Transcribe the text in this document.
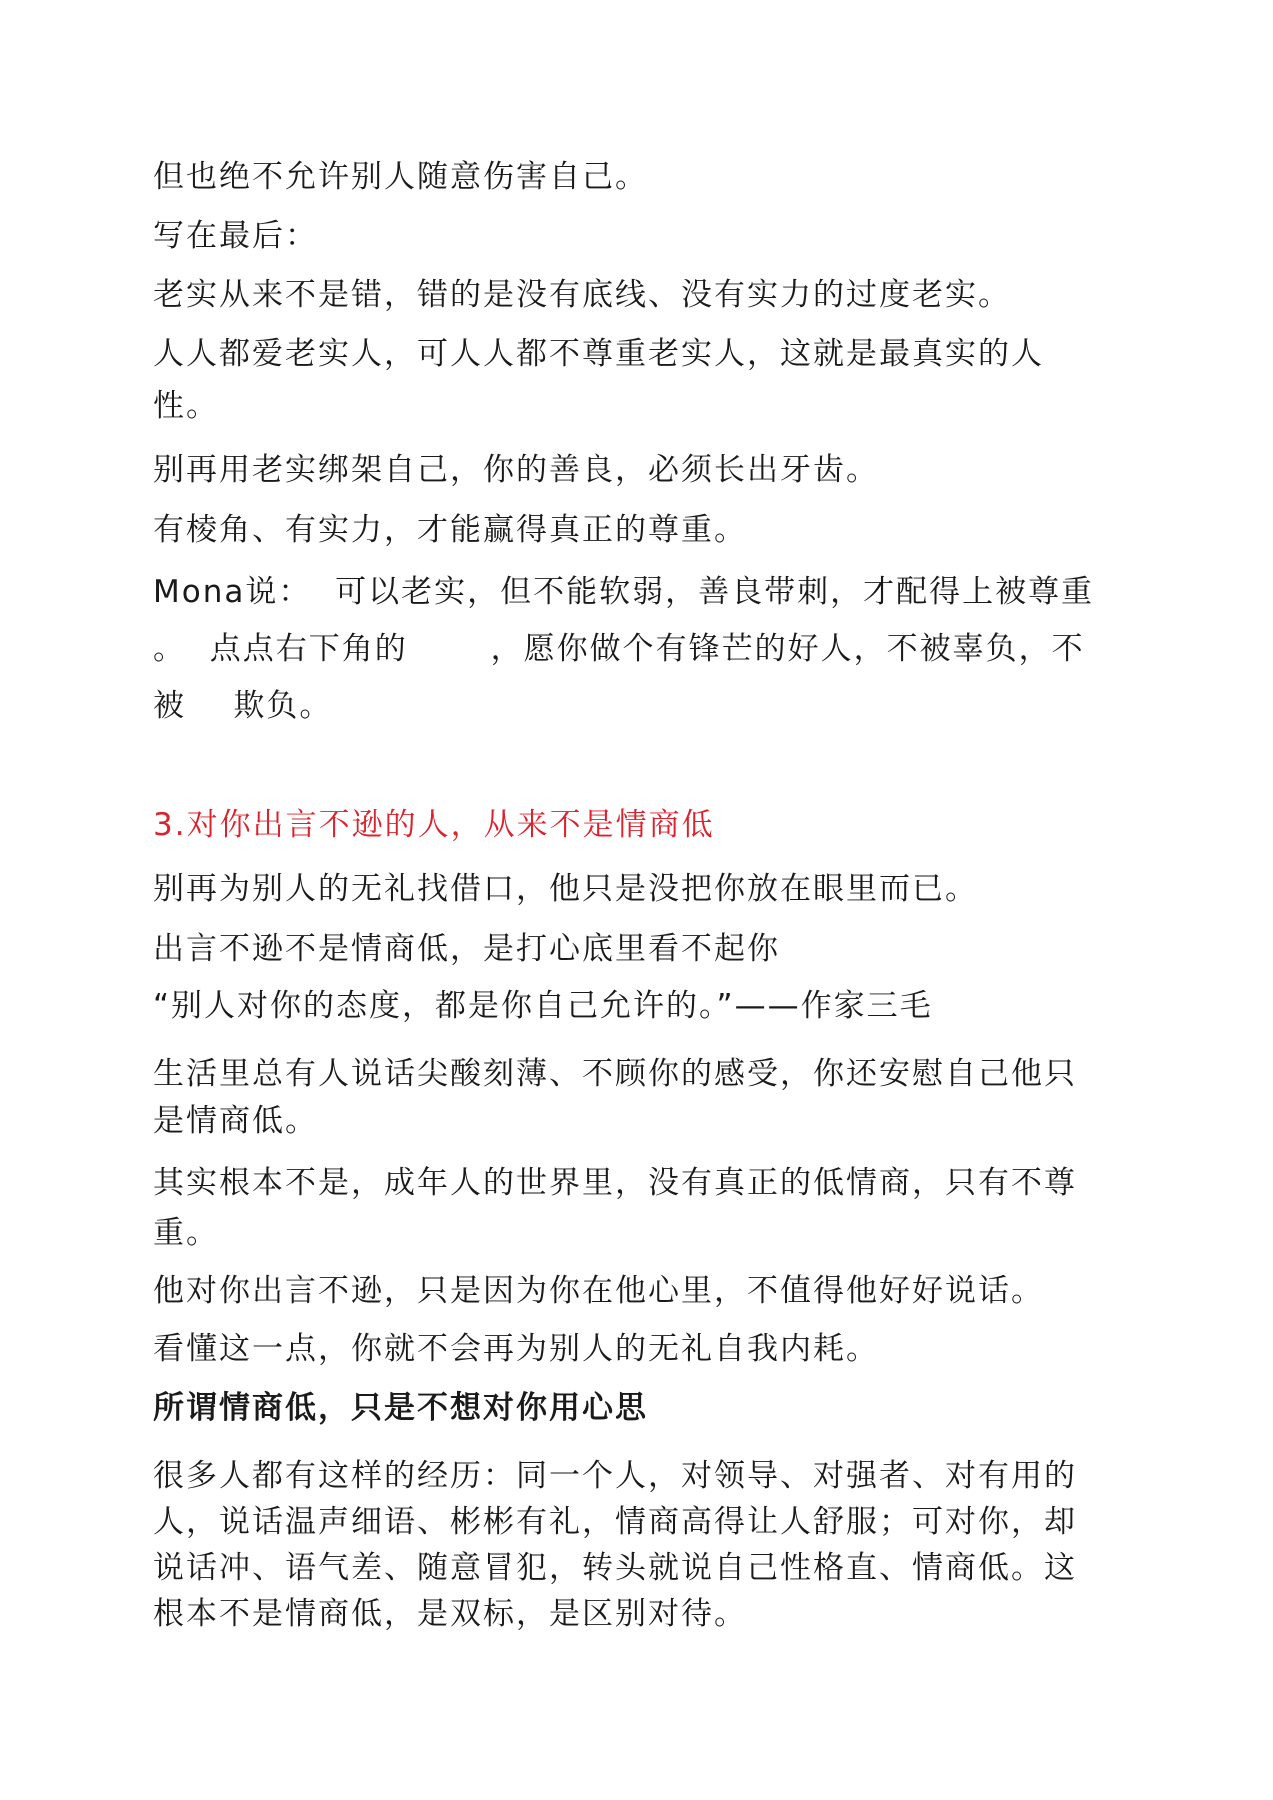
但也绝不允许别人随意伤害自己。
写在最后：
老实从来不是错，错的是没有底线、没有实力的过度老实。
人人都爱老实人，可人人都不尊重老实人，这就是最真实的人
性。
别再用老实绑架自己，你的善良，必须长出牙齿。
有棱角、有实力，才能赢得真正的尊重。
Mona说：  可以老实，但不能软弱，善良带刺，才配得上被尊重
。  点点右下角的       ，愿你做个有锋芒的好人，不被辜负，不
被    欺负。
3.对你出言不逊的人，从来不是情商低
别再为别人的无礼找借口，他只是没把你放在眼里而已。
出言不逊不是情商低，是打心底里看不起你
“别人对你的态度，都是你自己允许的。”——作家三毛
生活里总有人说话尖酸刻薄、不顾你的感受，你还安慰自己他只
是情商低。
其实根本不是，成年人的世界里，没有真正的低情商，只有不尊
重。
他对你出言不逊，只是因为你在他心里，不值得他好好说话。
看懂这一点，你就不会再为别人的无礼自我内耗。
所谓情商低，只是不想对你用心思
很多人都有这样的经历：同一个人，对领导、对强者、对有用的
人，说话温声细语、彬彬有礼，情商高得让人舒服；可对你，却
说话冲、语气差、随意冒犯，转头就说自己性格直、情商低。这
根本不是情商低，是双标，是区别对待。
